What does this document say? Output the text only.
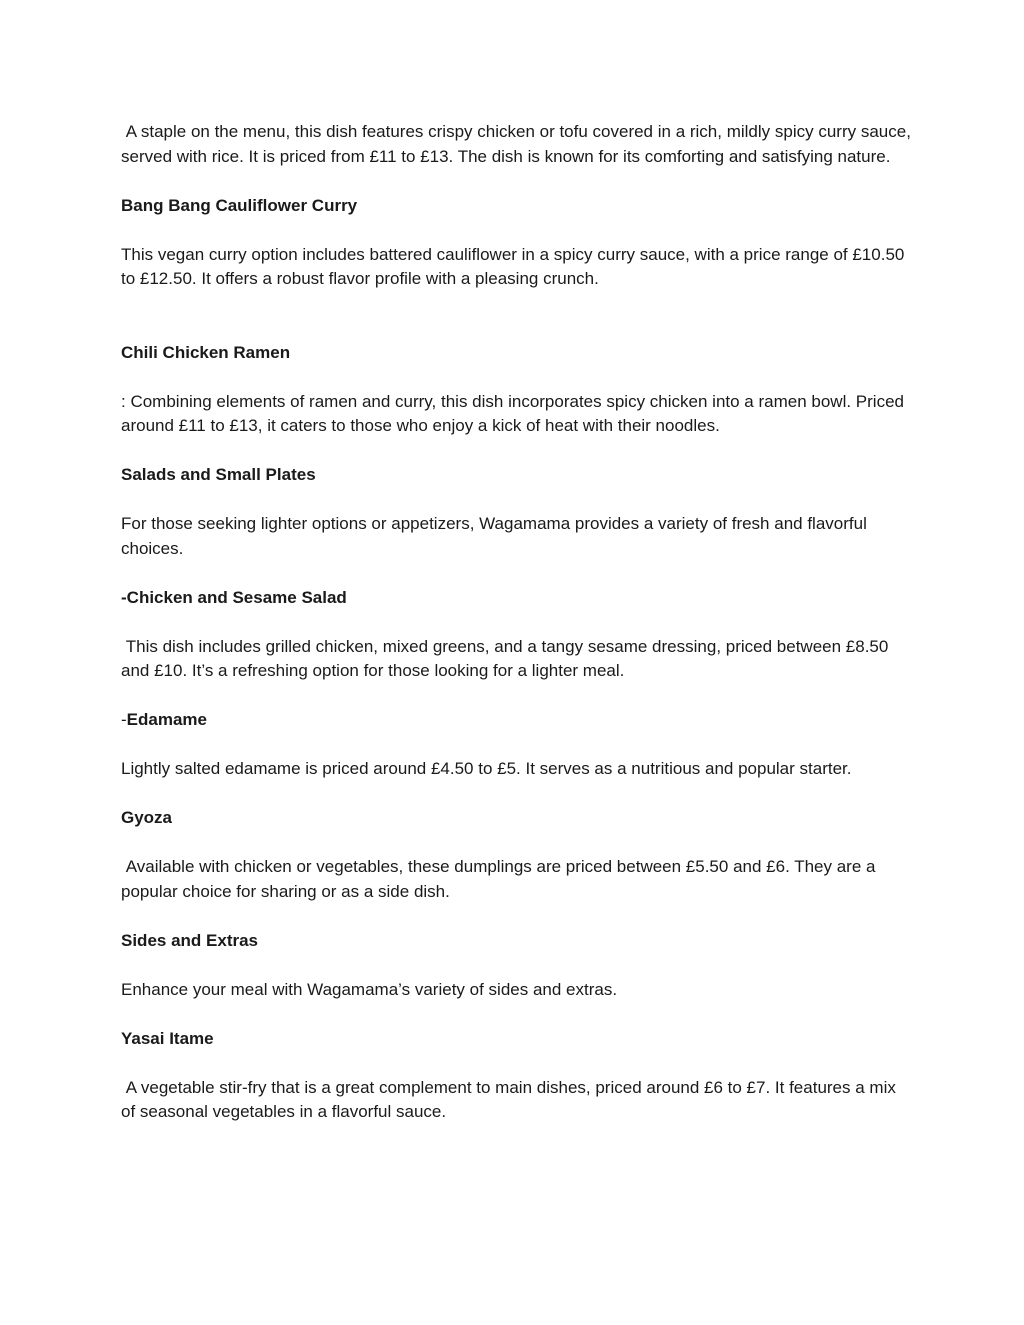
A staple on the menu, this dish features crispy chicken or tofu covered in a rich, mildly spicy curry sauce, served with rice. It is priced from £11 to £13. The dish is known for its comforting and satisfying nature.

Bang Bang Cauliflower Curry

This vegan curry option includes battered cauliflower in a spicy curry sauce, with a price range of £10.50 to £12.50. It offers a robust flavor profile with a pleasing crunch.

Chili Chicken Ramen

: Combining elements of ramen and curry, this dish incorporates spicy chicken into a ramen bowl. Priced around £11 to £13, it caters to those who enjoy a kick of heat with their noodles.

Salads and Small Plates

For those seeking lighter options or appetizers, Wagamama provides a variety of fresh and flavorful choices.

-Chicken and Sesame Salad

This dish includes grilled chicken, mixed greens, and a tangy sesame dressing, priced between £8.50 and £10. It’s a refreshing option for those looking for a lighter meal.

-Edamame

Lightly salted edamame is priced around £4.50 to £5. It serves as a nutritious and popular starter.

Gyoza

Available with chicken or vegetables, these dumplings are priced between £5.50 and £6. They are a popular choice for sharing or as a side dish.

Sides and Extras

Enhance your meal with Wagamama’s variety of sides and extras.

Yasai Itame

A vegetable stir-fry that is a great complement to main dishes, priced around £6 to £7. It features a mix of seasonal vegetables in a flavorful sauce.
